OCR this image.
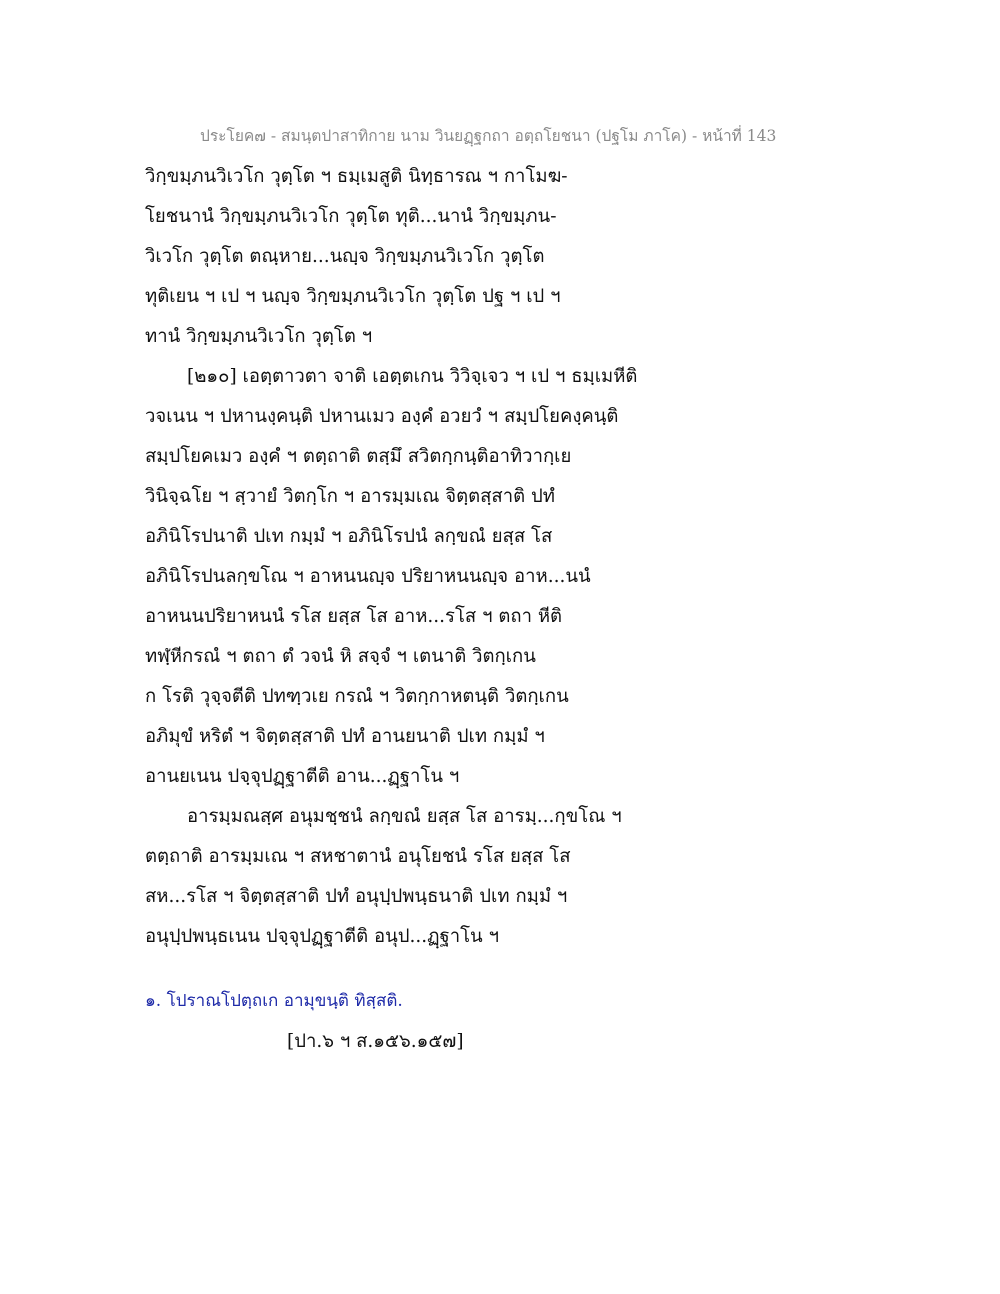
ประโยค๗ - สมนฺตปาสาทิกาย นาม วินยฏฺฐกถา อตฺถโยชนา (ปฐโม ภาโค) - หน้าที่ 143
วิกฺขมฺภนวิเวโก วุตฺโต ฯ ธมฺเมสูติ นิทฺธารณ ฯ กาโมฆ-
โยชนานํ วิกฺขมฺภนวิเวโก วุตฺโต ทุติ...นานํ วิกฺขมฺภน-
วิเวโก วุตฺโต ตณฺหาย...นญฺจ วิกฺขมฺภนวิเวโก วุตฺโต
ทุติเยน ฯ เป ฯ นญฺจ วิกฺขมฺภนวิเวโก วุตฺโต ปฐ ฯ เป ฯ
ทานํ วิกฺขมฺภนวิเวโก วุตฺโต ฯ
[๒๑๐] เอตฺตาวตา จาติ เอตฺตเกน วิวิจฺเจว ฯ เป ฯ ธมฺเมหีติ
วจเนน ฯ ปหานงฺคนฺติ ปหานเมว องฺคํ อวยวํ ฯ สมฺปโยคงฺคนฺติ
สมฺปโยคเมว องฺคํ ฯ ตตฺถาติ ตสฺมึ สวิตกฺกนฺติอาทิวากฺเย
วินิจฺฉโย ฯ สฺวายํ วิตกฺโก ฯ อารมฺมเณ จิตฺตสฺสาติ ปทํ
อภินิโรปนาติ ปเท กมฺมํ ฯ อภินิโรปนํ ลกฺขณํ ยสฺส โส
อภินิโรปนลกฺขโณ ฯ อาหนนญฺจ ปริยาหนนญฺจ อาห...นนํ
อาหนนปริยาหนนํ รโส ยสฺส โส อาห...รโส ฯ ตถา หีติ
ทฬฺหีกรณํ ฯ ตถา ตํ วจนํ หิ สจฺจํ ฯ เตนาติ วิตกฺเกน
ก โรติ วุจฺจตีติ ปทฑฺวเย กรณํ ฯ วิตกฺกาหตนฺติ วิตกฺเกน
อภิมุขํ หริตํ ฯ จิตฺตสฺสาติ ปทํ อานยนาติ ปเท กมฺมํ ฯ
อานยเนน ปจฺจุปฏฺฐาตีติ อาน...ฏฺฐาโน ฯ
อารมฺมณสฺศ อนุมชฺชนํ ลกฺขณํ ยสฺส โส อารมฺ...กฺขโณ ฯ
ตตฺถาติ อารมฺมเณ ฯ สหชาตานํ อนุโยชนํ รโส ยสฺส โส
สห...รโส ฯ จิตฺตสฺสาติ ปทํ อนุปฺปพนฺธนาติ ปเท กมฺมํ ฯ
อนุปฺปพนฺธเนน ปจฺจุปฏฺฐาตีติ อนุป...ฏฺฐาโน ฯ
๑. โปราณโปตฺถเก อามุขนฺติ ทิสฺสติ.
[ปา.๖ ฯ ส.๑๕๖.๑๕๗]
